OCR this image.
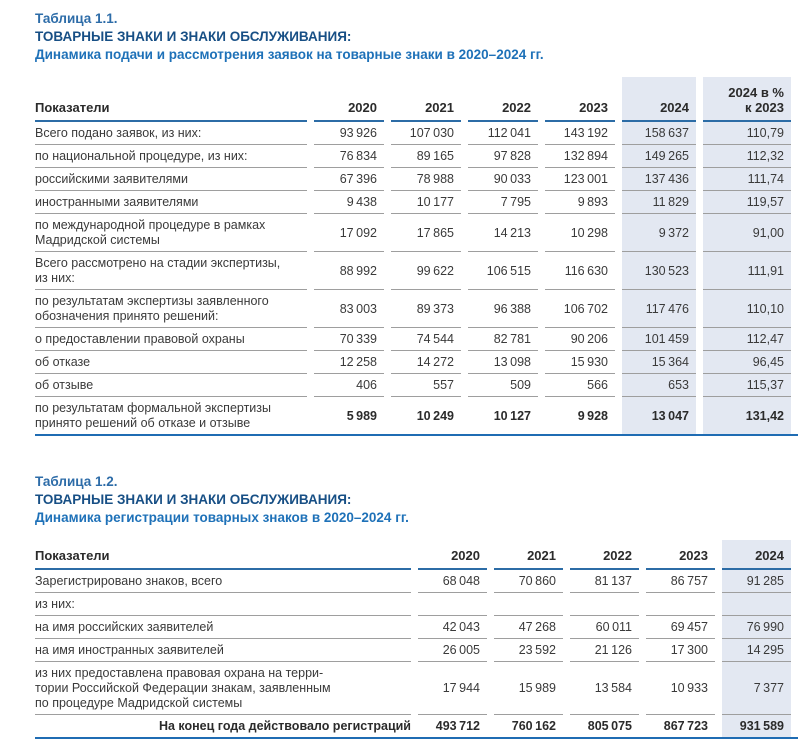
Таблица 1.1.
ТОВАРНЫЕ ЗНАКИ И ЗНАКИ ОБСЛУЖИВАНИЯ:
Динамика подачи и рассмотрения заявок на товарные знаки в 2020–2024 гг.
Показатели	2020	2021	2022	2023	2024	2024 в %
к 2023
Всего подано заявок, из них:	93 926	107 030	112 041	143 192	158 637	110,79
по национальной процедуре, из них:	76 834	89 165	97 828	132 894	149 265	112,32
российскими заявителями	67 396	78 988	90 033	123 001	137 436	111,74
иностранными заявителями	9 438	10 177	7 795	9 893	11 829	119,57
по международной процедуре в рамках
Мадридской системы	17 092	17 865	14 213	10 298	9 372	91,00
Всего рассмотрено на стадии экспертизы,
из них:	88 992	99 622	106 515	116 630	130 523	111,91
по результатам экспертизы заявленного
обозначения принято решений:	83 003	89 373	96 388	106 702	117 476	110,10
о предоставлении правовой охраны	70 339	74 544	82 781	90 206	101 459	112,47
об отказе	12 258	14 272	13 098	15 930	15 364	96,45
об отзыве	406	557	509	566	653	115,37
по результатам формальной экспертизы
принято решений об отказе и отзыве	5 989	10 249	10 127	9 928	13 047	131,42
Таблица 1.2.
ТОВАРНЫЕ ЗНАКИ И ЗНАКИ ОБСЛУЖИВАНИЯ:
Динамика регистрации товарных знаков в 2020–2024 гг.
Показатели	2020	2021	2022	2023	2024
Зарегистрировано знаков, всего	68 048	70 860	81 137	86 757	91 285
из них:					
на имя российских заявителей	42 043	47 268	60 011	69 457	76 990
на имя иностранных заявителей	26 005	23 592	21 126	17 300	14 295
из них предоставлена правовая охрана на терри-
тории Российской Федерации знакам, заявленным
по процедуре Мадридской системы	17 944	15 989	13 584	10 933	7 377
На конец года действовало регистраций	493 712	760 162	805 075	867 723	931 589
